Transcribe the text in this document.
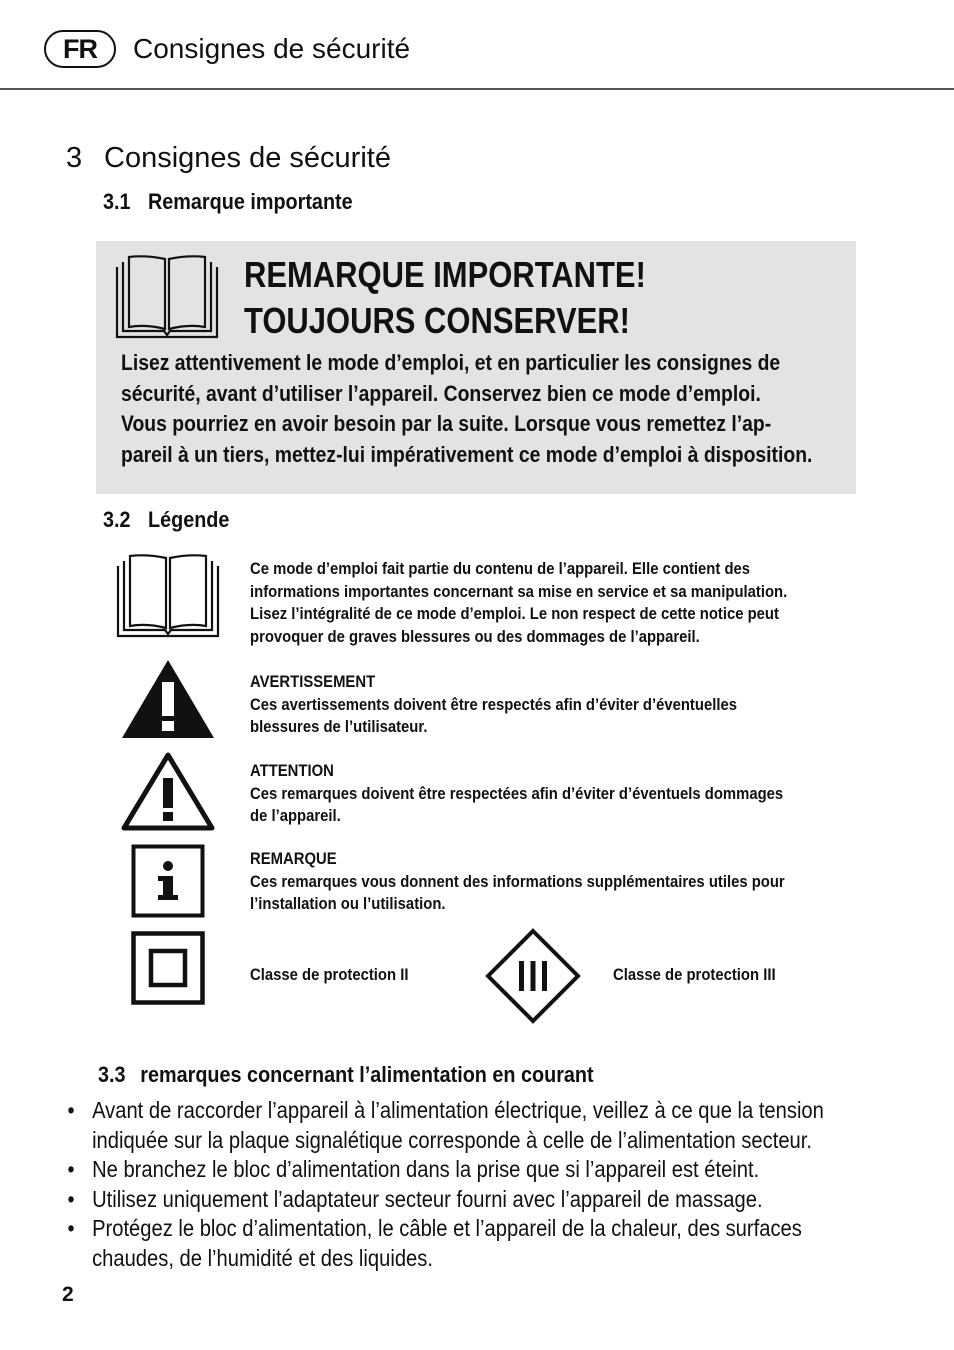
FR	Consignes de sécurité
3 Consignes de sécurité
3.1 Remarque importante
REMARQUE IMPORTANTE!
TOUJOURS CONSERVER!
Lisez attentivement le mode d’emploi, et en particulier les consignes de
sécurité, avant d’utiliser l’appareil. Conservez bien ce mode d’emploi.
Vous pourriez en avoir besoin par la suite. Lorsque vous remettez l’ap-
pareil à un tiers, mettez-lui impérativement ce mode d’emploi à disposition.
3.2 Légende
Ce mode d’emploi fait partie du contenu de l’appareil. Elle contient des
informations importantes concernant sa mise en service et sa manipulation.
Lisez l’intégralité de ce mode d’emploi. Le non respect de cette notice peut
provoquer de graves blessures ou des dommages de l’appareil.
AVERTISSEMENT
Ces avertissements doivent être respectés afin d’éviter d’éventuelles
blessures de l’utilisateur.
ATTENTION
Ces remarques doivent être respectées afin d’éviter d’éventuels dommages
de l’appareil.
REMARQUE
Ces remarques vous donnent des informations supplémentaires utiles pour
l’installation ou l’utilisation.
Classe de protection II	Classe de protection III
3.3 remarques concernant l’alimentation en courant
• Avant de raccorder l’appareil à l’alimentation électrique, veillez à ce que la tension
indiquée sur la plaque signalétique corresponde à celle de l’alimentation secteur.
• Ne branchez le bloc d’alimentation dans la prise que si l’appareil est éteint.
• Utilisez uniquement l’adaptateur secteur fourni avec l’appareil de massage.
• Protégez le bloc d’alimentation, le câble et l’appareil de la chaleur, des surfaces
chaudes, de l’humidité et des liquides.
2
